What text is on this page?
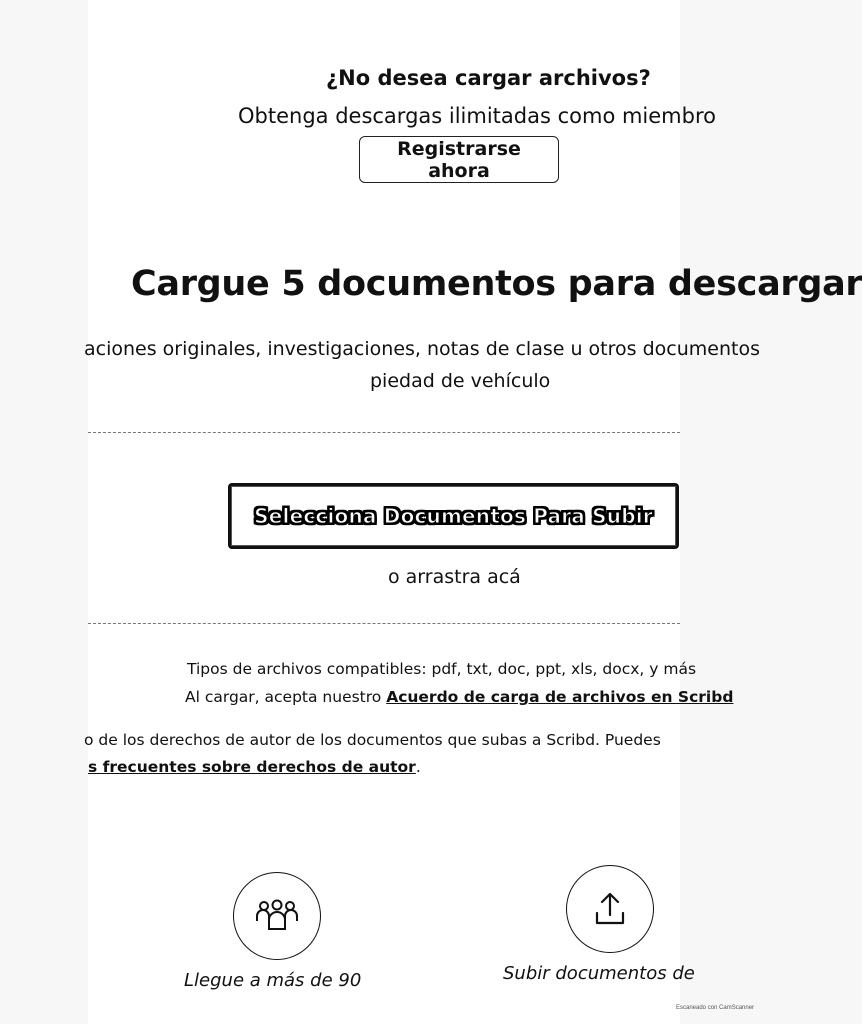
¿No desea cargar archivos?
Obtenga descargas ilimitadas como miembro
Registrarse ahora
Cargue 5 documentos para descargar
aciones originales, investigaciones, notas de clase u otros documentos
piedad de vehículo
Selecciona Documentos Para Subir
o arrastra acá
Tipos de archivos compatibles: pdf, txt, doc, ppt, xls, docx, y más
Al cargar, acepta nuestro Acuerdo de carga de archivos en Scribd
o de los derechos de autor de los documentos que subas a Scribd. Puedes
s frecuentes sobre derechos de autor.
Llegue a más de 90	Subir documentos de
Escaneado con CamScanner
